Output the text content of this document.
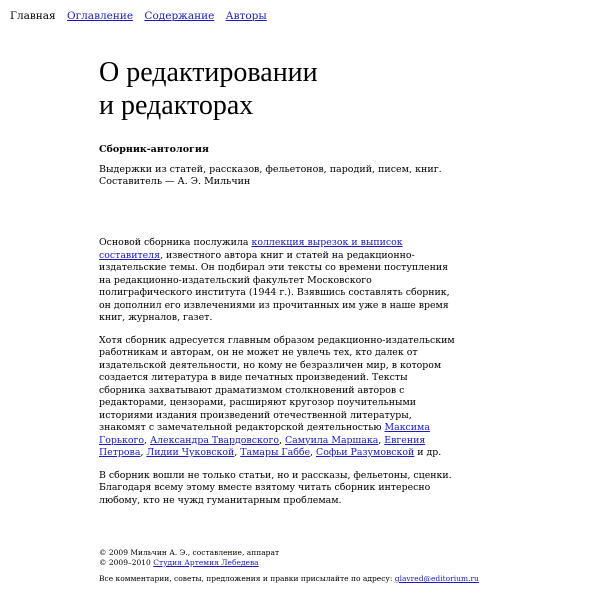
Главная Оглавление Содержание Авторы
О редактировании
и редакторах

Сборник-антология

Выдержки из статей, рассказов, фельетонов, пародий, писем, книг.
Составитель — А. Э. Мильчин

Основой сборника послужила коллекция вырезок и выписок составителя, известного автора книг и статей на редакционно-издательские темы. Он подбирал эти тексты со времени поступления на редакционно-издательский факультет Московского полиграфического института (1944 г.). Взявшись составлять сборник, он дополнил его извлечениями из прочитанных им уже в наше время книг, журналов, газет.

Хотя сборник адресуется главным образом редакционно-издательским работникам и авторам, он не может не увлечь тех, кто далек от издательской деятельности, но кому не безразличен мир, в котором создается литература в виде печатных произведений. Тексты сборника захватывают драматизмом столкновений авторов с редакторами, цензорами, расширяют кругозор поучительными историями издания произведений отечественной литературы, знакомят с замечательной редакторской деятельностью Максима Горького, Александра Твардовского, Самуила Маршака, Евгения Петрова, Лидии Чуковской, Тамары Габбе, Софьи Разумовской и др.

В сборник вошли не только статьи, но и рассказы, фельетоны, сценки. Благодаря всему этому вместе взятому читать сборник интересно любому, кто не чужд гуманитарным проблемам.

© 2009 Мильчин А. Э., составление, аппарат
© 2009–2010 Студия Артемия Лебедева
Все комментарии, советы, предложения и правки присылайте по адресу: glavred@editorium.ru
